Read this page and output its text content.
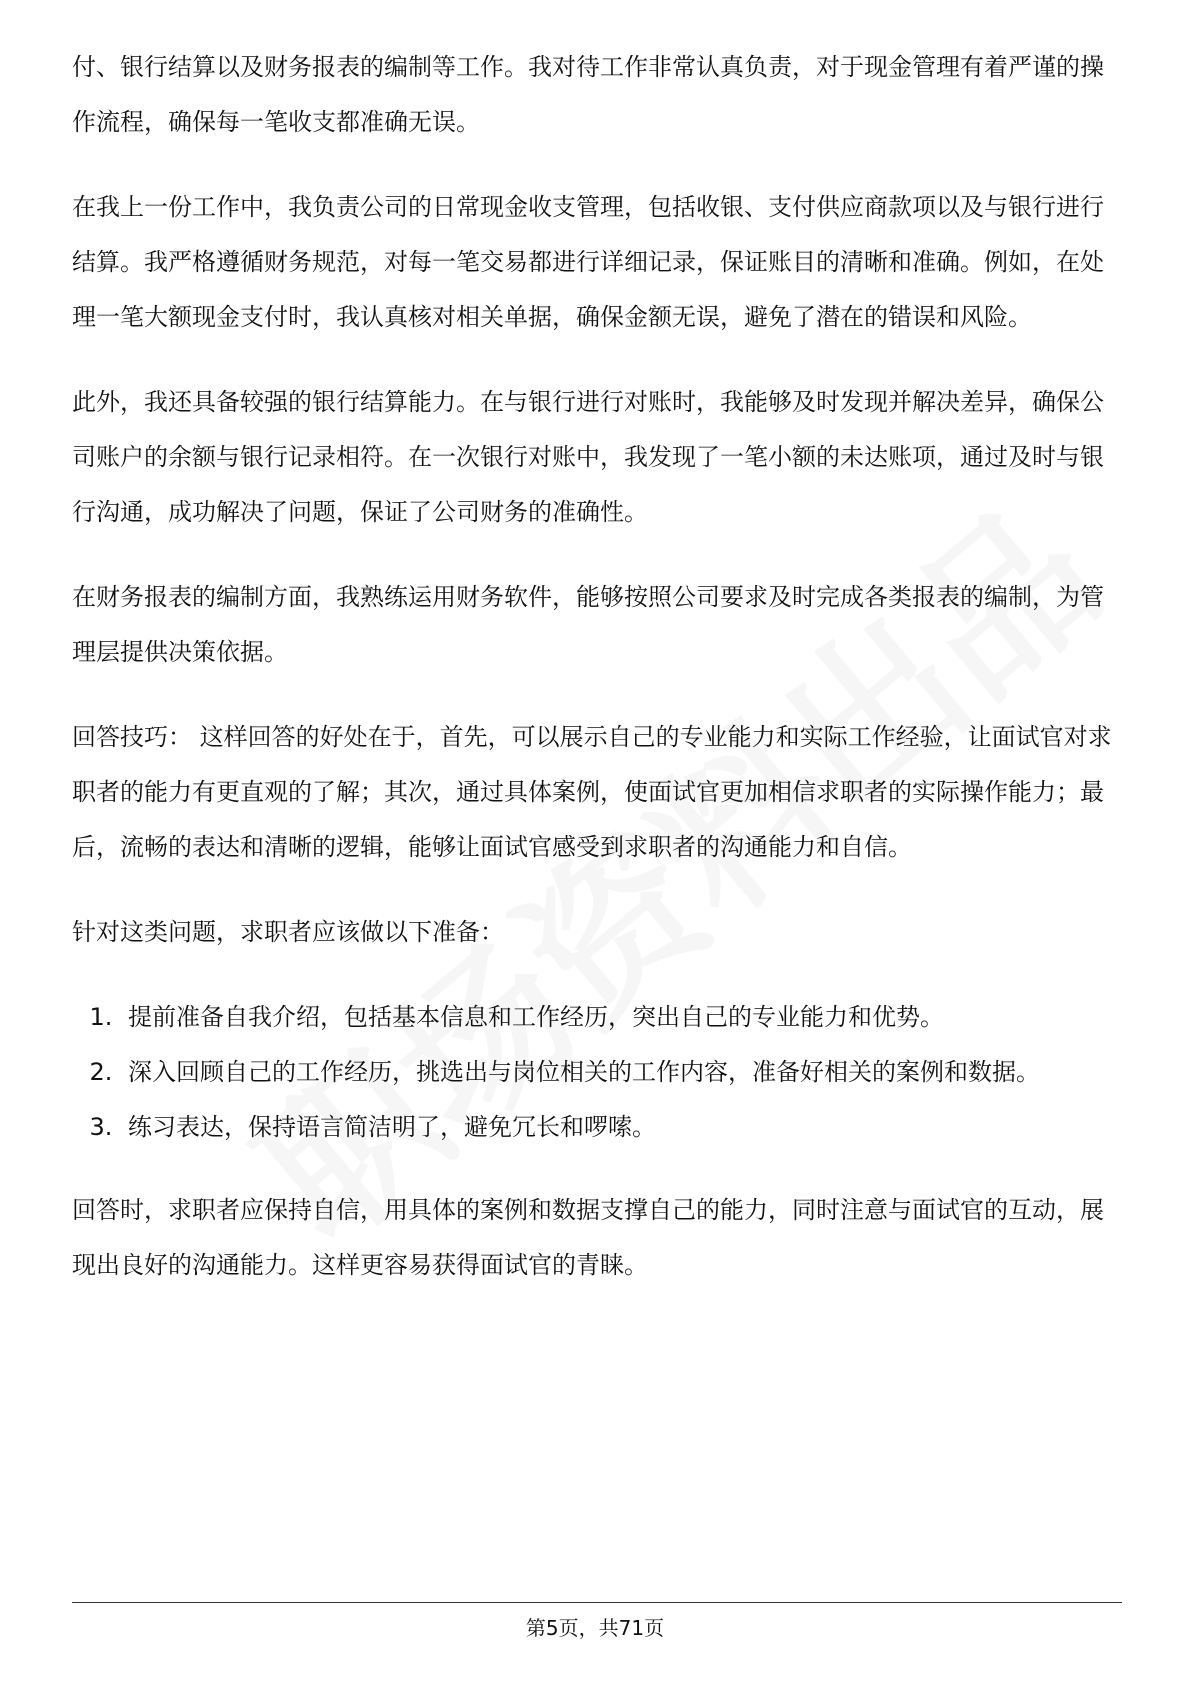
付、银行结算以及财务报表的编制等工作。我对待工作非常认真负责，对于现金管理有着严谨的操作流程，确保每一笔收支都准确无误。

在我上一份工作中，我负责公司的日常现金收支管理，包括收银、支付供应商款项以及与银行进行结算。我严格遵循财务规范，对每一笔交易都进行详细记录，保证账目的清晰和准确。例如，在处理一笔大额现金支付时，我认真核对相关单据，确保金额无误，避免了潜在的错误和风险。

此外，我还具备较强的银行结算能力。在与银行进行对账时，我能够及时发现并解决差异，确保公司账户的余额与银行记录相符。在一次银行对账中，我发现了一笔小额的未达账项，通过及时与银行沟通，成功解决了问题，保证了公司财务的准确性。

在财务报表的编制方面，我熟练运用财务软件，能够按照公司要求及时完成各类报表的编制，为管理层提供决策依据。

回答技巧： 这样回答的好处在于，首先，可以展示自己的专业能力和实际工作经验，让面试官对求职者的能力有更直观的了解；其次，通过具体案例，使面试官更加相信求职者的实际操作能力；最后，流畅的表达和清晰的逻辑，能够让面试官感受到求职者的沟通能力和自信。

针对这类问题，求职者应该做以下准备：

1. 提前准备自我介绍，包括基本信息和工作经历，突出自己的专业能力和优势。
2. 深入回顾自己的工作经历，挑选出与岗位相关的工作内容，准备好相关的案例和数据。
3. 练习表达，保持语言简洁明了，避免冗长和啰嗦。

回答时，求职者应保持自信，用具体的案例和数据支撑自己的能力，同时注意与面试官的互动，展现出良好的沟通能力。这样更容易获得面试官的青睐。

第5页，共71页
